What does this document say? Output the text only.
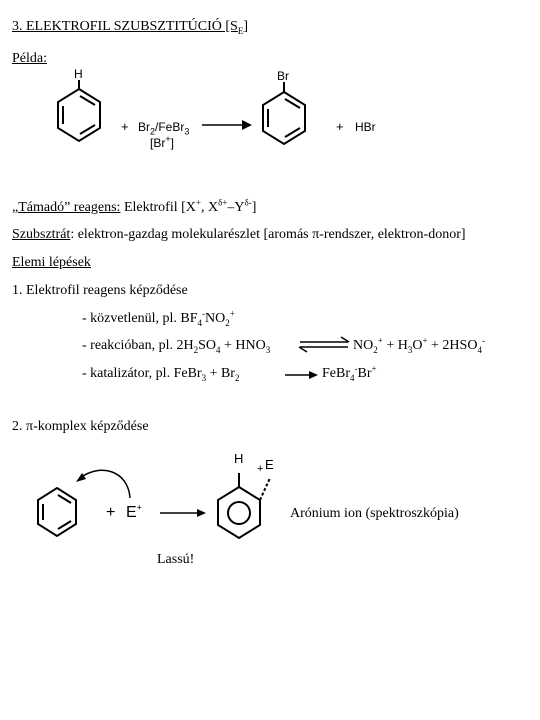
3. ELEKTROFIL SZUBSZTITÚCIÓ $[S_E]$
Példa:
H
+ $Br_2/FeBr_3$
[Br+]
Br
+ HBr
„Támadó” reagens: Elektrofil [X+, $X^{\delta+}-Y^{\delta-}$]
Szubsztrát: elektron-gazdag molekularészlet [aromás π-rendszer, elektron-donor]
Elemi lépések
1. Elektrofil reagens képződése
- közvetlenül, pl. $BF_4^-NO_2^+$
- reakcióban, pl. $2H_2SO_4 + HNO_3$	$NO_2^+ + H_3O^+ + 2HSO_4^-$
- katalizátor, pl. FeBr$_3$ + $Br_2$	FeBr$_4$-Br+
2. π-komplex képződése
+ E+
H
+ E
Arónium ion (spektroszkópia)
Lassú!
